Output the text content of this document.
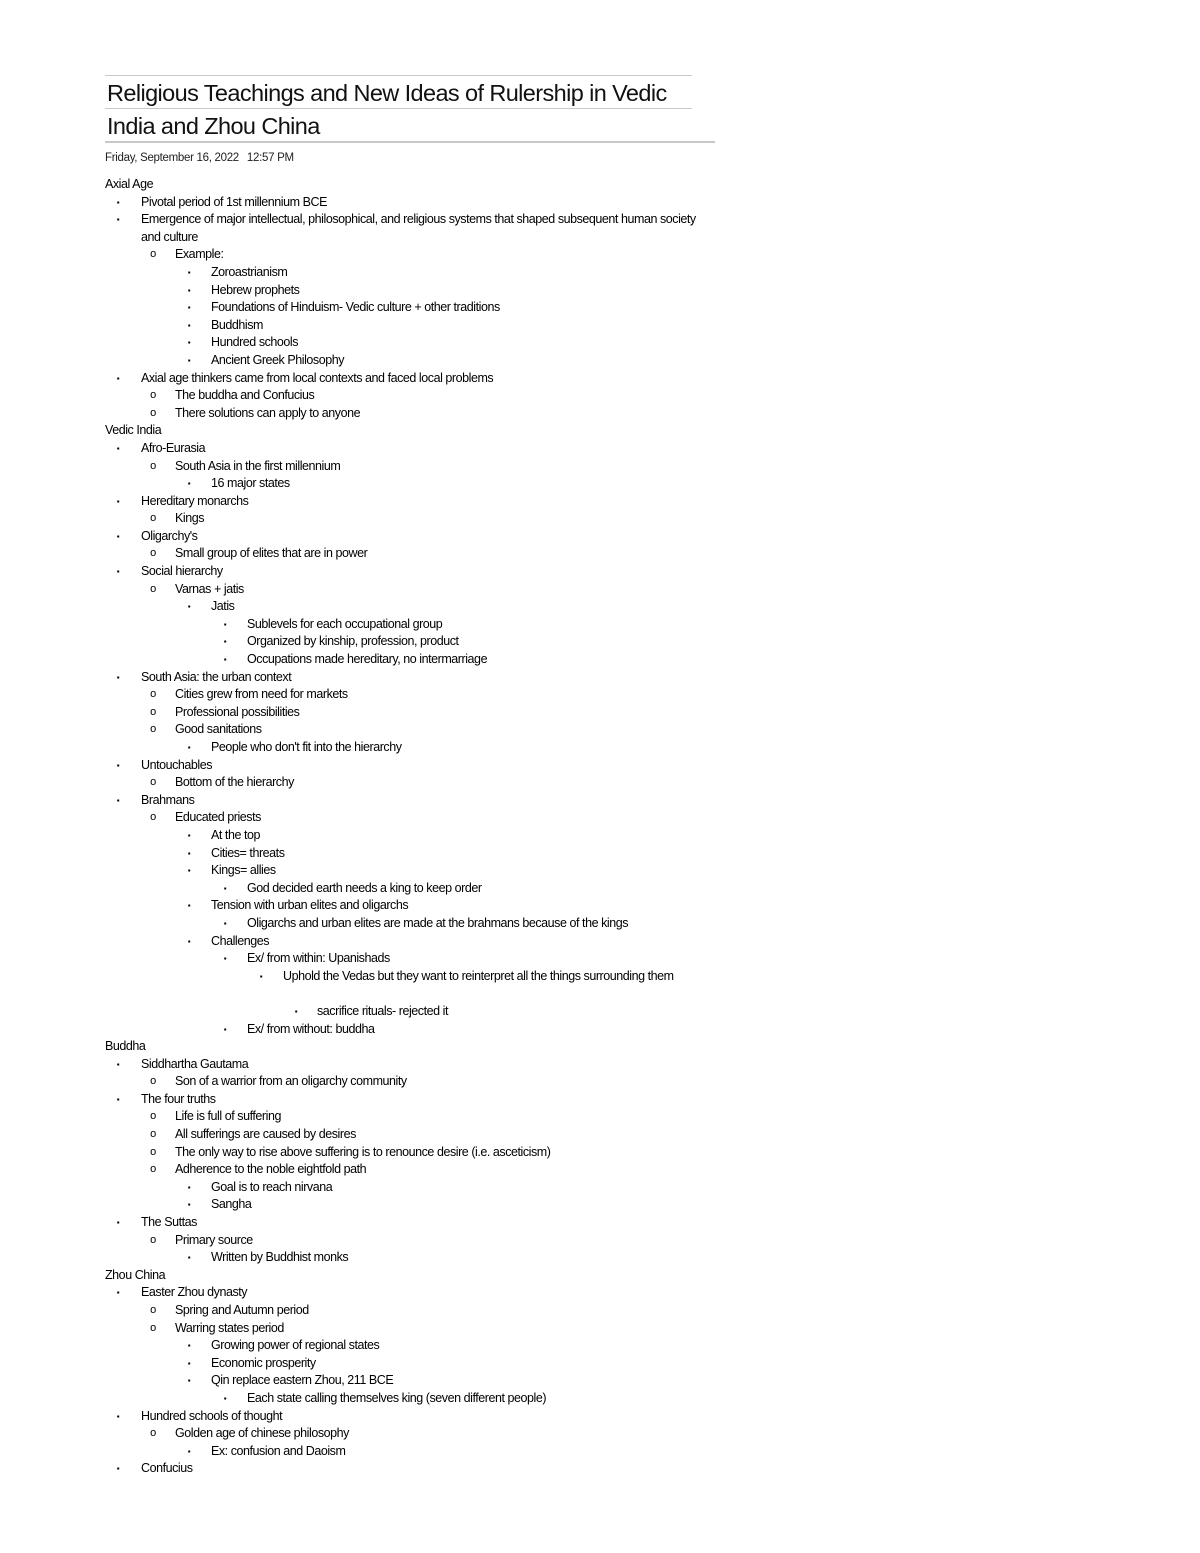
Religious Teachings and New Ideas of Rulership in Vedic
India and Zhou China
Friday, September 16, 2022 12:57 PM
Axial Age
▪	Pivotal period of 1st millennium BCE
▪	Emergence of major intellectual, philosophical, and religious systems that shaped subsequent human society and culture
o Example:
▪	Zoroastrianism
▪	Hebrew prophets
▪	Foundations of Hinduism- Vedic culture + other traditions
▪	Buddhism
▪	Hundred schools
▪	Ancient Greek Philosophy
▪	Axial age thinkers came from local contexts and faced local problems
o The buddha and Confucius
o There solutions can apply to anyone
Vedic India
▪	Afro-Eurasia
o South Asia in the first millennium
▪	16 major states
▪	Hereditary monarchs
o Kings
▪	Oligarchy's
o Small group of elites that are in power
▪	Social hierarchy
o Varnas + jatis
▪	Jatis
▪	Sublevels for each occupational group
▪	Organized by kinship, profession, product
▪	Occupations made hereditary, no intermarriage
▪	South Asia: the urban context
o Cities grew from need for markets
o Professional possibilities
o Good sanitations
▪	People who don't fit into the hierarchy
▪	Untouchables
o Bottom of the hierarchy
▪	Brahmans
o Educated priests
▪	At the top
▪	Cities= threats
▪	Kings= allies
▪	God decided earth needs a king to keep order
▪	Tension with urban elites and oligarchs
▪	Oligarchs and urban elites are made at the brahmans because of the kings
▪	Challenges
▪	Ex/ from within: Upanishads
▪	Uphold the Vedas but they want to reinterpret all the things surrounding them
▪	sacrifice rituals- rejected it
▪	Ex/ from without: buddha
Buddha
▪	Siddhartha Gautama
o Son of a warrior from an oligarchy community
▪	The four truths
o Life is full of suffering
o All sufferings are caused by desires
o The only way to rise above suffering is to renounce desire (i.e. asceticism)
o Adherence to the noble eightfold path
▪	Goal is to reach nirvana
▪	Sangha
▪	The Suttas
o Primary source
▪	Written by Buddhist monks
Zhou China
▪	Easter Zhou dynasty
o Spring and Autumn period
o Warring states period
▪	Growing power of regional states
▪	Economic prosperity
▪	Qin replace eastern Zhou, 211 BCE
▪	Each state calling themselves king (seven different people)
▪	Hundred schools of thought
o Golden age of chinese philosophy
▪	Ex: confusion and Daoism
▪	Confucius
